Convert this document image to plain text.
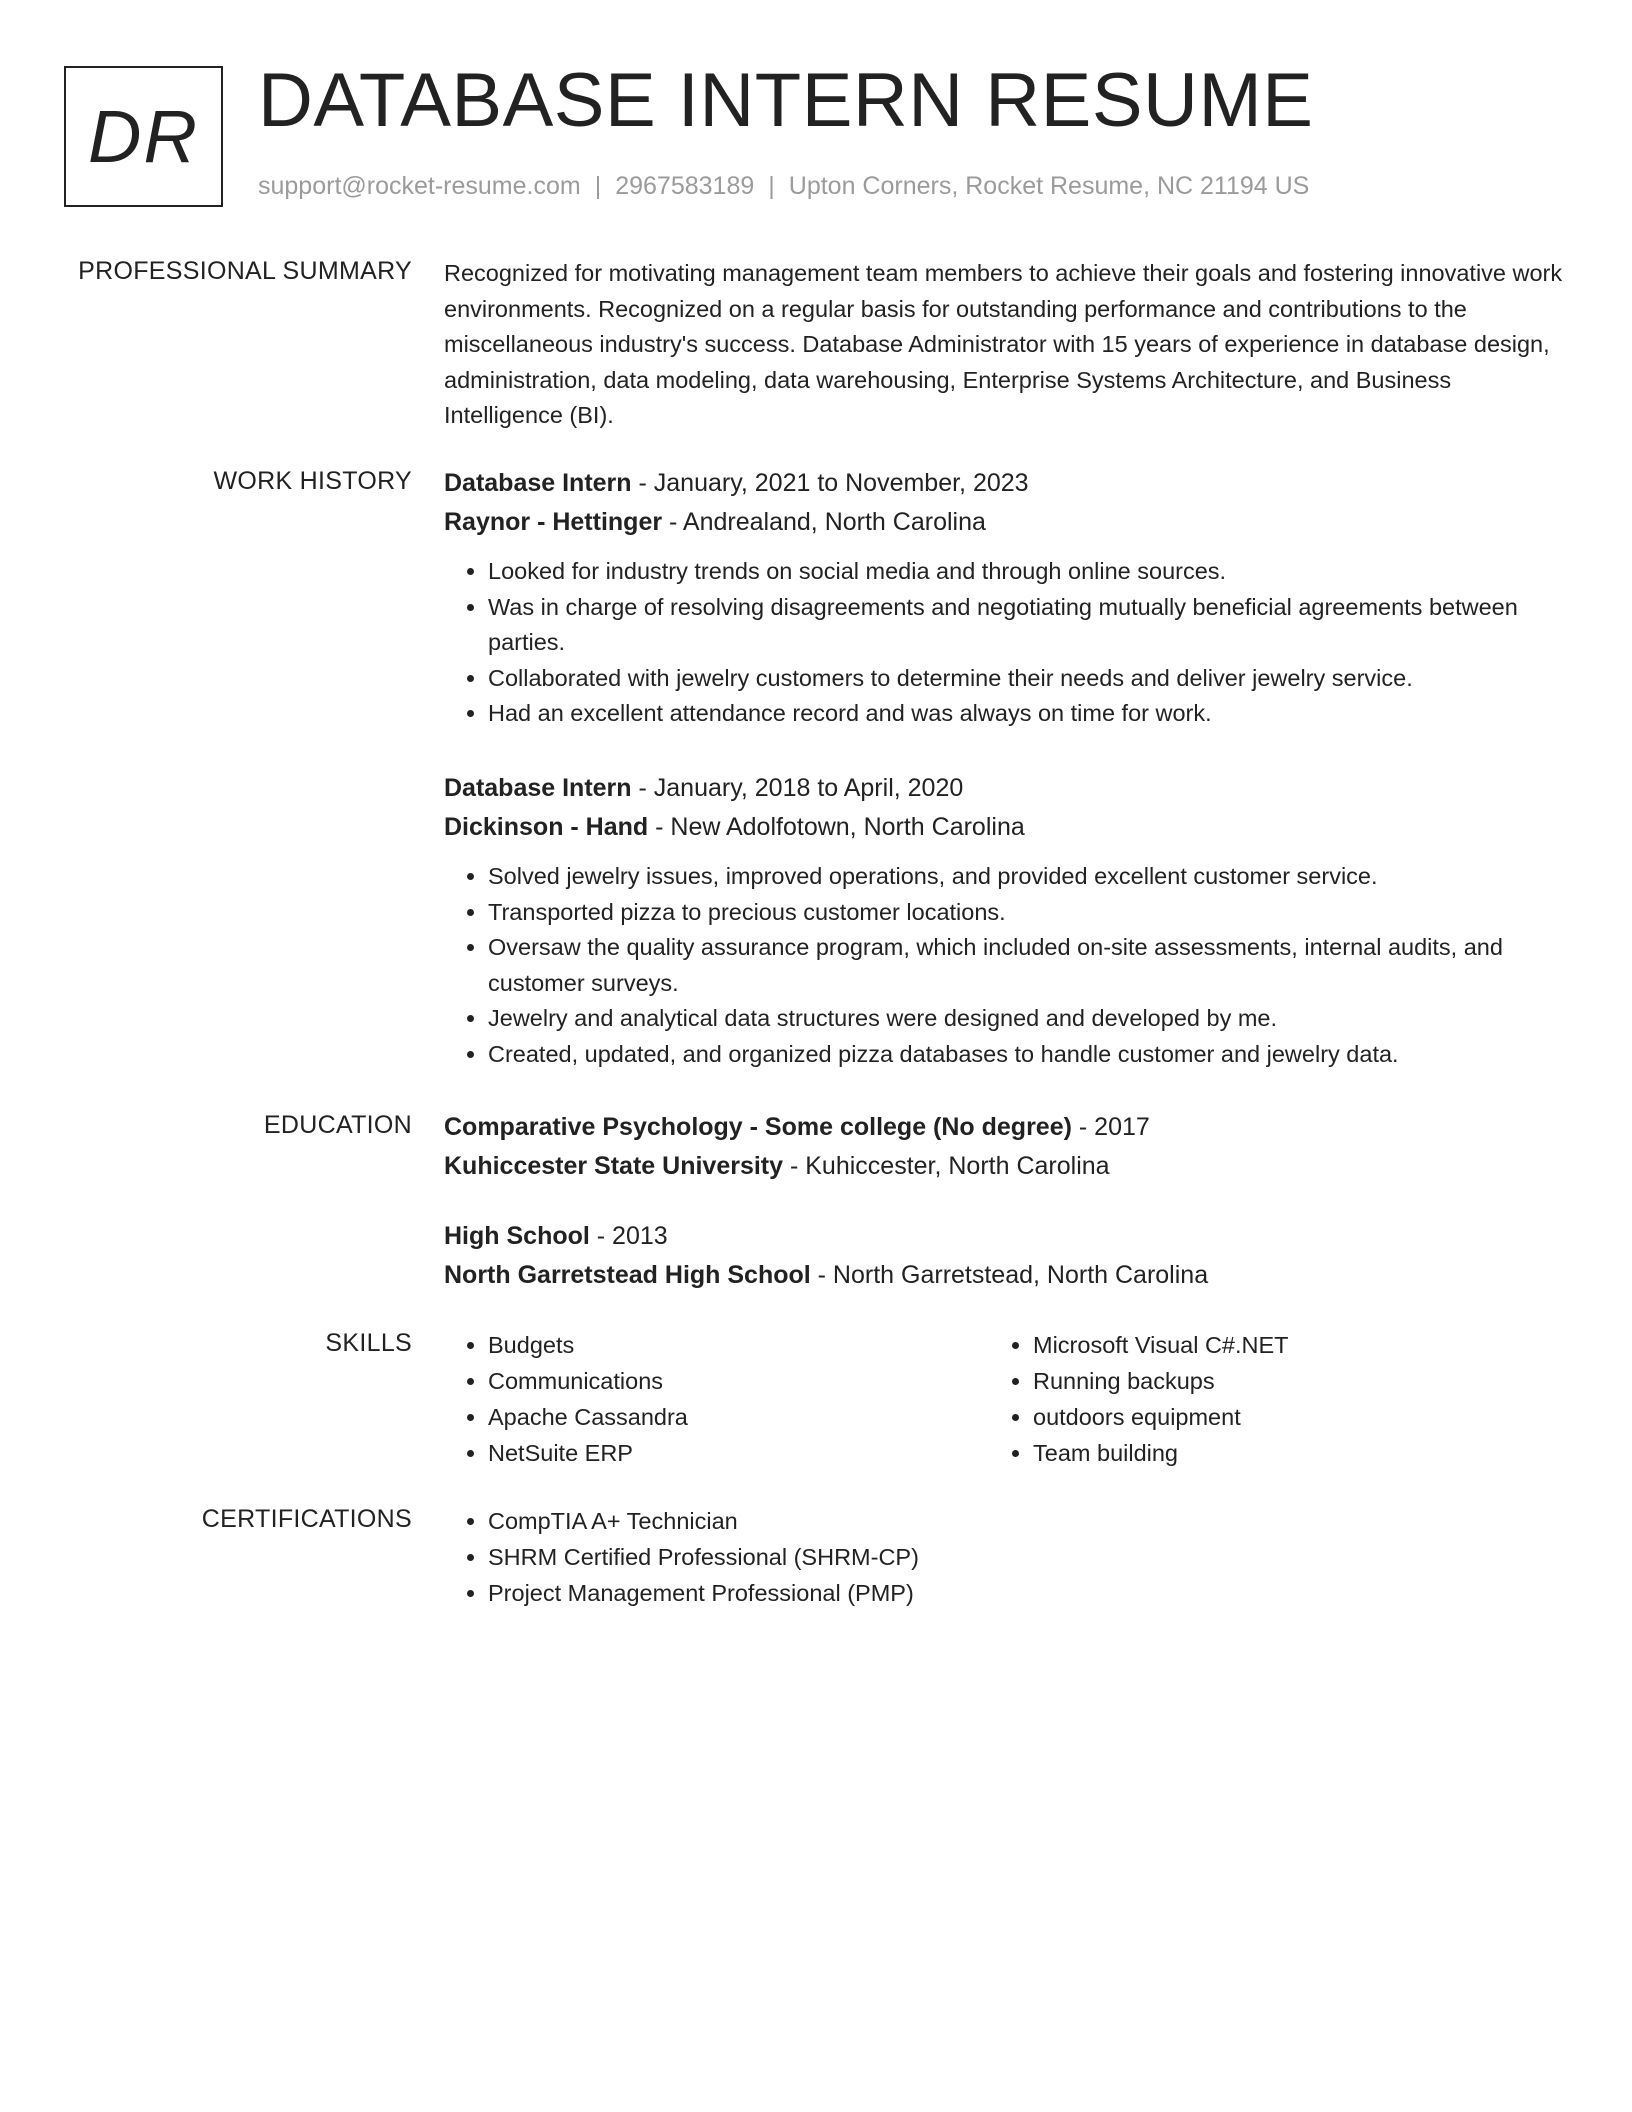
DR DATABASE INTERN RESUME
support@rocket-resume.com | 2967583189 | Upton Corners, Rocket Resume, NC 21194 US
PROFESSIONAL SUMMARY Recognized for motivating management team members to achieve their goals and fostering innovative work environments. Recognized on a regular basis for outstanding performance and contributions to the miscellaneous industry's success. Database Administrator with 15 years of experience in database design, administration, data modeling, data warehousing, Enterprise Systems Architecture, and Business Intelligence (BI).

WORK HISTORY Database Intern - January, 2021 to November, 2023
Raynor - Hettinger - Andrealand, North Carolina
• Looked for industry trends on social media and through online sources.
• Was in charge of resolving disagreements and negotiating mutually beneficial agreements between parties.
• Collaborated with jewelry customers to determine their needs and deliver jewelry service.
• Had an excellent attendance record and was always on time for work.
Database Intern - January, 2018 to April, 2020
Dickinson - Hand - New Adolfotown, North Carolina
• Solved jewelry issues, improved operations, and provided excellent customer service.
• Transported pizza to precious customer locations.
• Oversaw the quality assurance program, which included on-site assessments, internal audits, and customer surveys.
• Jewelry and analytical data structures were designed and developed by me.
• Created, updated, and organized pizza databases to handle customer and jewelry data.
EDUCATION Comparative Psychology - Some college (No degree) - 2017
Kuhiccester State University - Kuhiccester, North Carolina
High School - 2013
North Garretstead High School - North Garretstead, North Carolina
SKILLS	• Budgets
• Communications
• Apache Cassandra
• NetSuite ERP
• Microsoft Visual C#.NET
• Running backups
• outdoors equipment
• Team building
CERTIFICATIONS	• CompTIA A+ Technician
• SHRM Certified Professional (SHRM-CP)
• Project Management Professional (PMP)
